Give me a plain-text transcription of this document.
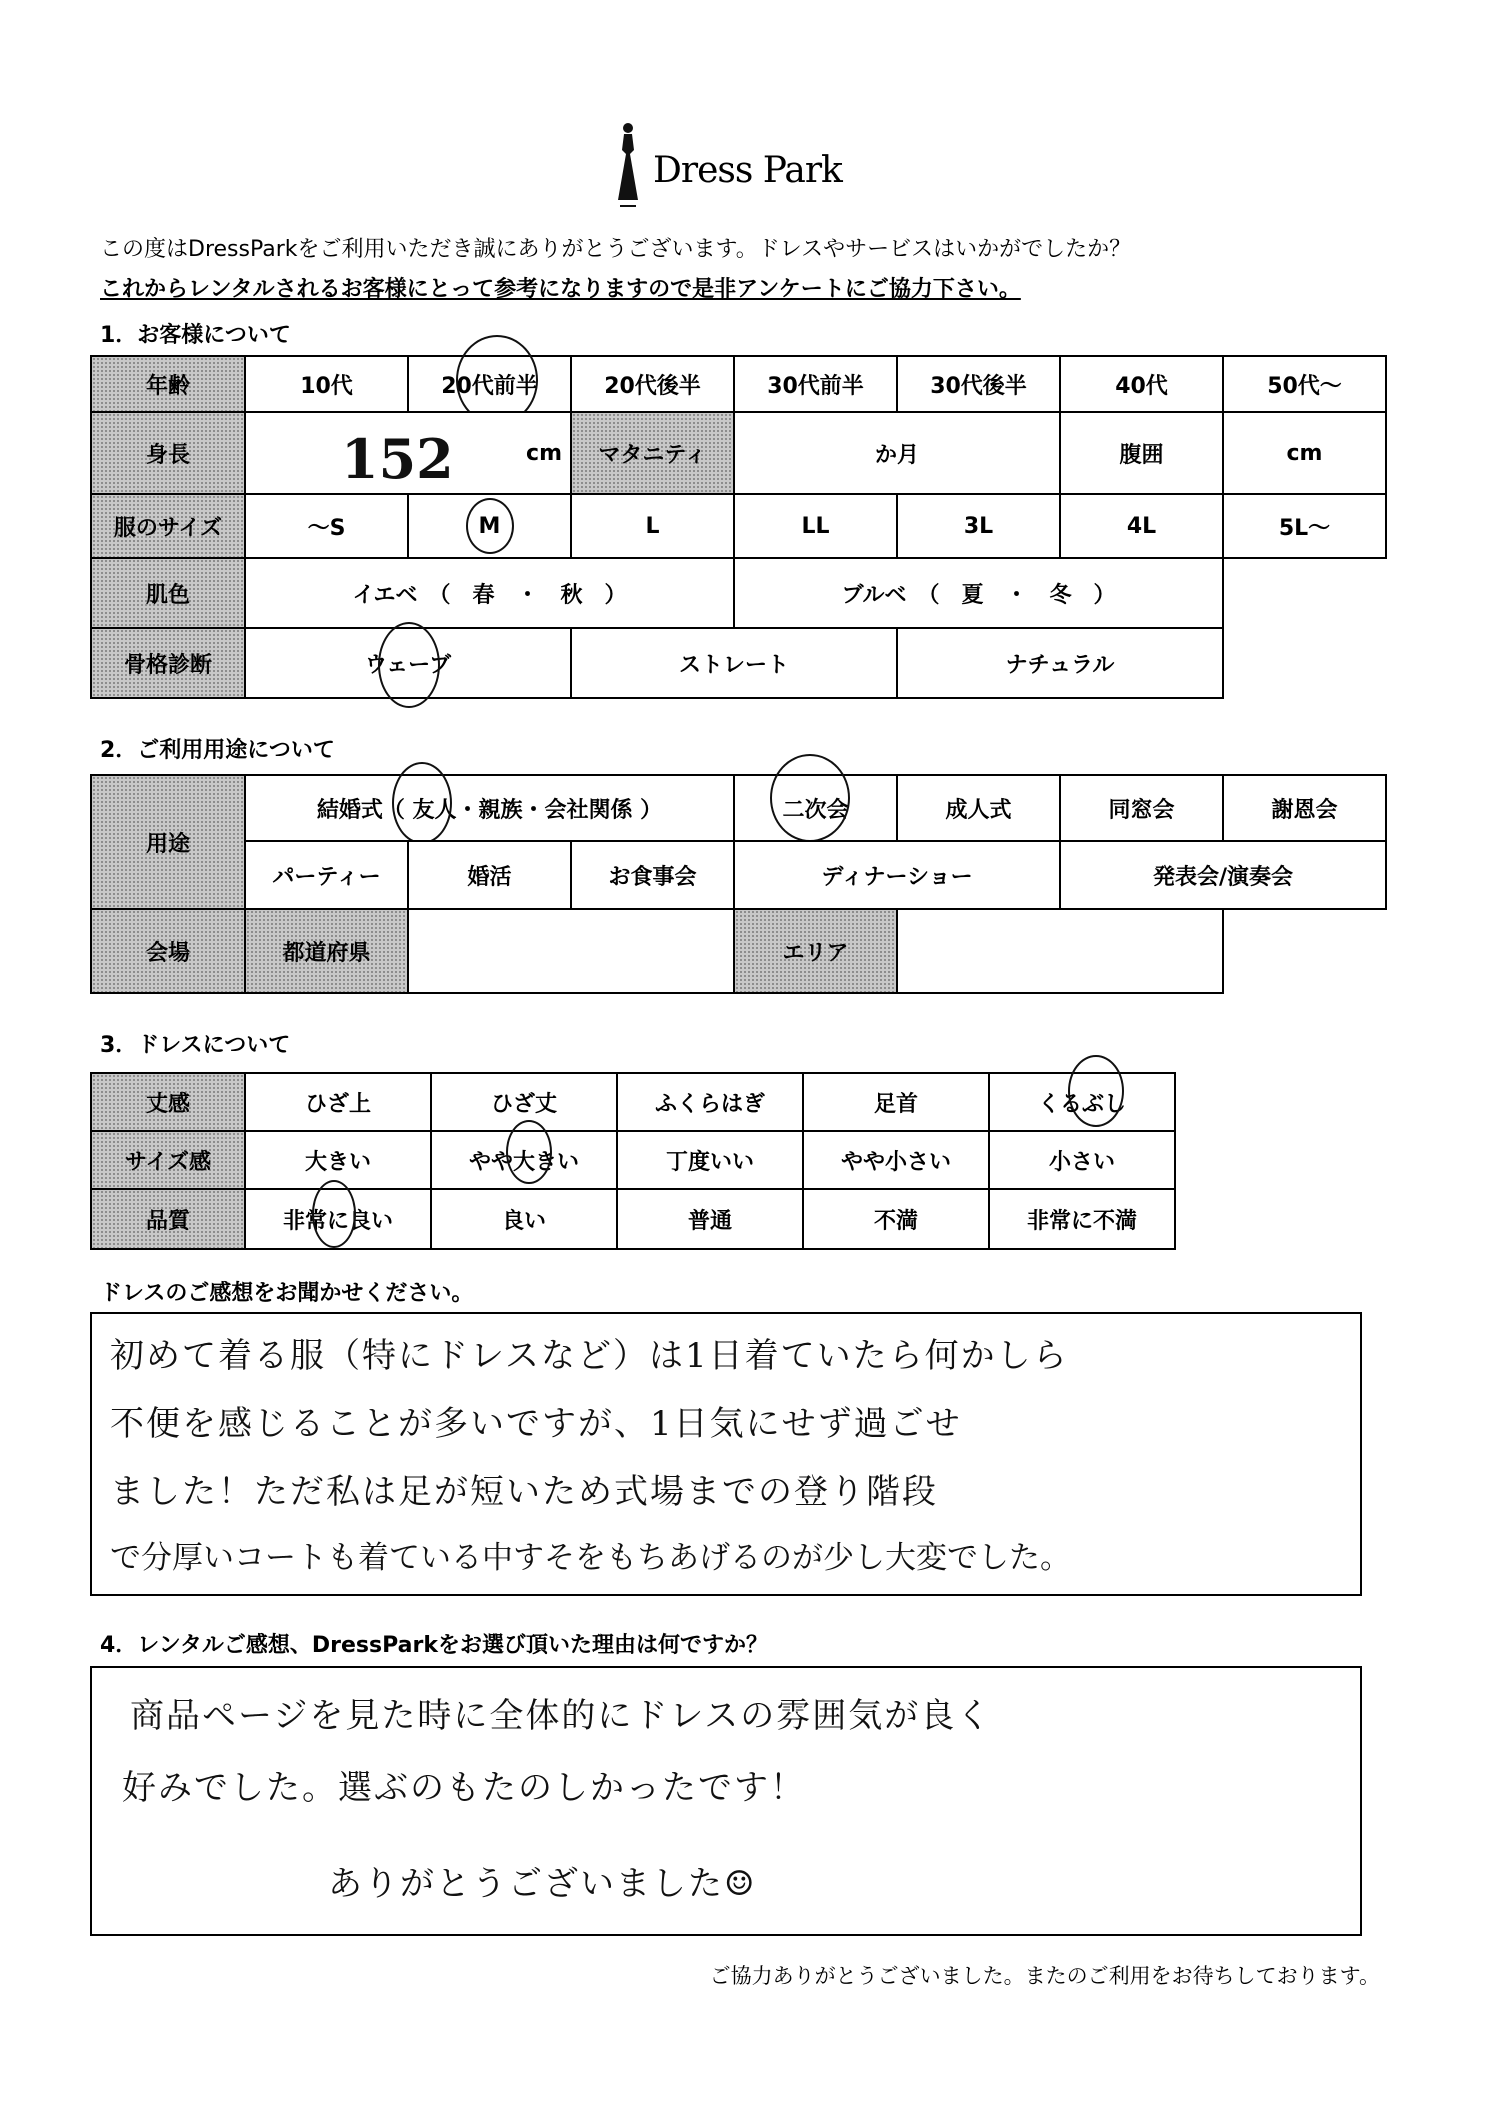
Dress Park
この度はDressParkをご利用いただき誠にありがとうございます。ドレスやサービスはいかがでしたか？
これからレンタルされるお客様にとって参考になりますので是非アンケートにご協力下さい。
1．お客様について
年齢	10代	20代前半	20代後半	30代前半	30代後半	40代	50代～
身長	152	cm	マタニティ	か月	腹囲	cm
服のサイズ	～S	M	L	LL	3L	4L	5L～
肌色	イエベ　（　春　・　秋　）	ブルベ　（　夏　・　冬　）
骨格診断	ウェーブ	ストレート	ナチュラル
2．ご利用用途について
用途
結婚式（ 友人・親族・会社関係 ）	二次会	成人式	同窓会	謝恩会
パーティー	婚活	お食事会	ディナーショー	発表会/演奏会
会場	都道府県	エリア
3．ドレスについて
丈感	ひざ上	ひざ丈	ふくらはぎ	足首	くるぶし
サイズ感	大きい	やや大きい	丁度いい	やや小さい	小さい
品質	非常に良い	良い	普通	不満	非常に不満
ドレスのご感想をお聞かせください。
初めて着る服（特にドレスなど）は1日着ていたら何かしら
不便を感じることが多いですが、1日気にせず過ごせ
ました！ただ私は足が短いため式場までの登り階段
で分厚いコートも着ている中すそをもちあげるのが少し大変でした。
4．レンタルご感想、DressParkをお選び頂いた理由は何ですか？
商品ページを見た時に全体的にドレスの雰囲気が良く
好みでした。選ぶのもたのしかったです！
ありがとうございました☺
ご協力ありがとうございました。またのご利用をお待ちしております。
